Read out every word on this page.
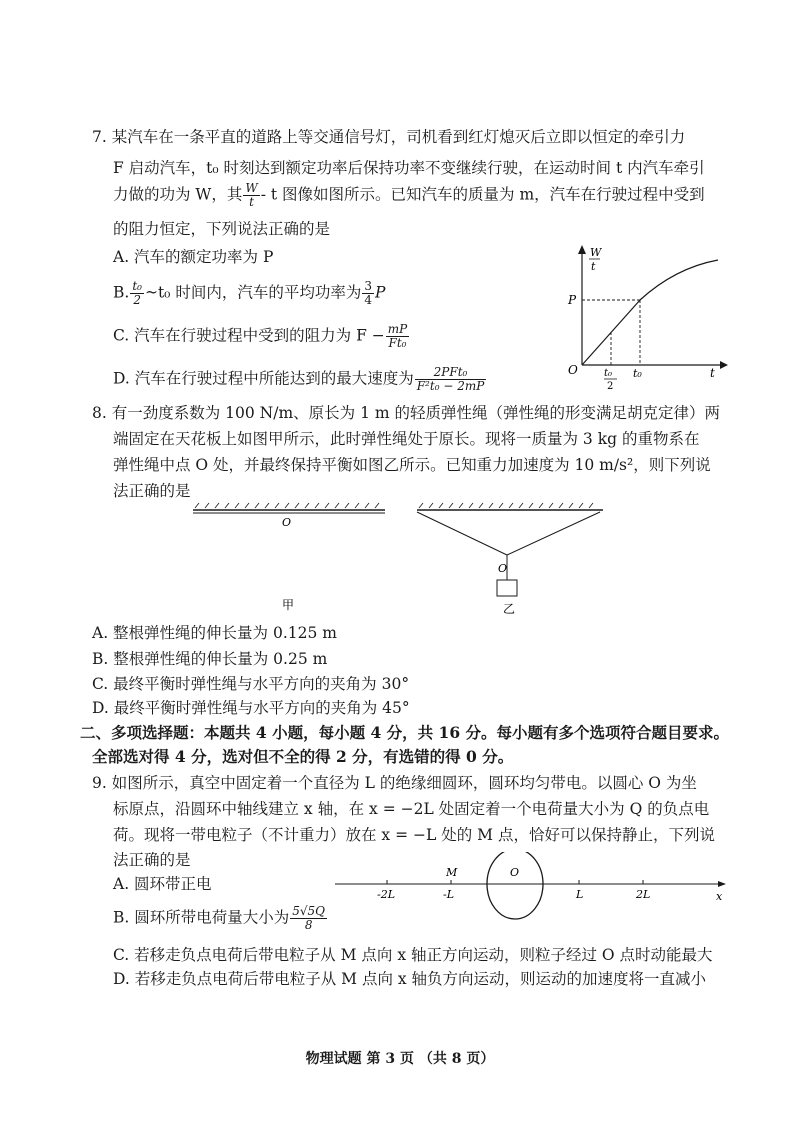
7. 某汽车在一条平直的道路上等交通信号灯，司机看到红灯熄灭后立即以恒定的牵引力
F 启动汽车，t₀ 时刻达到额定功率后保持功率不变继续行驶，在运动时间 t 内汽车牵引
力做的功为 W，其 $\frac{W}{t}$ - t 图像如图所示。已知汽车的质量为 m，汽车在行驶过程中受到
的阻力恒定，下列说法正确的是
A. 汽车的额定功率为 P
B. $\frac{\text{t₀}}{2}$ ~t₀ 时间内，汽车的平均功率为 $\frac{3}{4}$ P
C. 汽车在行驶过程中受到的阻力为 $F - \frac{mP}{\text{Ft₀}}$
D. 汽车在行驶过程中所能达到的最大速度为 $\frac{\text{2PFt₀}}{\text{F²t₀ − 2mP}}$
W
t
P
O	t₀
2
t₀	t
8. 有一劲度系数为 100 N/m、原长为 1 m 的轻质弹性绳（弹性绳的形变满足胡克定律）两
端固定在天花板上如图甲所示，此时弹性绳处于原长。现将一质量为 3 kg 的重物系在
弹性绳中点 O 处，并最终保持平衡如图乙所示。已知重力加速度为 10 m/s²，则下列说
法正确的是
O
甲
O
乙
A. 整根弹性绳的伸长量为 0.125 m
B. 整根弹性绳的伸长量为 0.25 m
C. 最终平衡时弹性绳与水平方向的夹角为 30°
D. 最终平衡时弹性绳与水平方向的夹角为 45°
二、多项选择题：本题共 4 小题，每小题 4 分，共 16 分。每小题有多个选项符合题目要求。
全部选对得 4 分，选对但不全的得 2 分，有选错的得 0 分。
9. 如图所示，真空中固定着一个直径为 L 的绝缘细圆环，圆环均匀带电。以圆心 O 为坐
标原点，沿圆环中轴线建立 x 轴，在 x = −2L 处固定着一个电荷量大小为 Q 的负点电
荷。现将一带电粒子（不计重力）放在 x = −L 处的 M 点，恰好可以保持静止，下列说
法正确的是
A. 圆环带正电
B. 圆环所带电荷量大小为 $\frac{5√5Q}{8}$
C. 若移走负点电荷后带电粒子从 M 点向 x 轴正方向运动，则粒子经过 O 点时动能最大
D. 若移走负点电荷后带电粒子从 M 点向 x 轴负方向运动，则运动的加速度将一直减小
-2L	-L
M	O
L	2L	x
物理试题 第 3 页 （共 8 页）
